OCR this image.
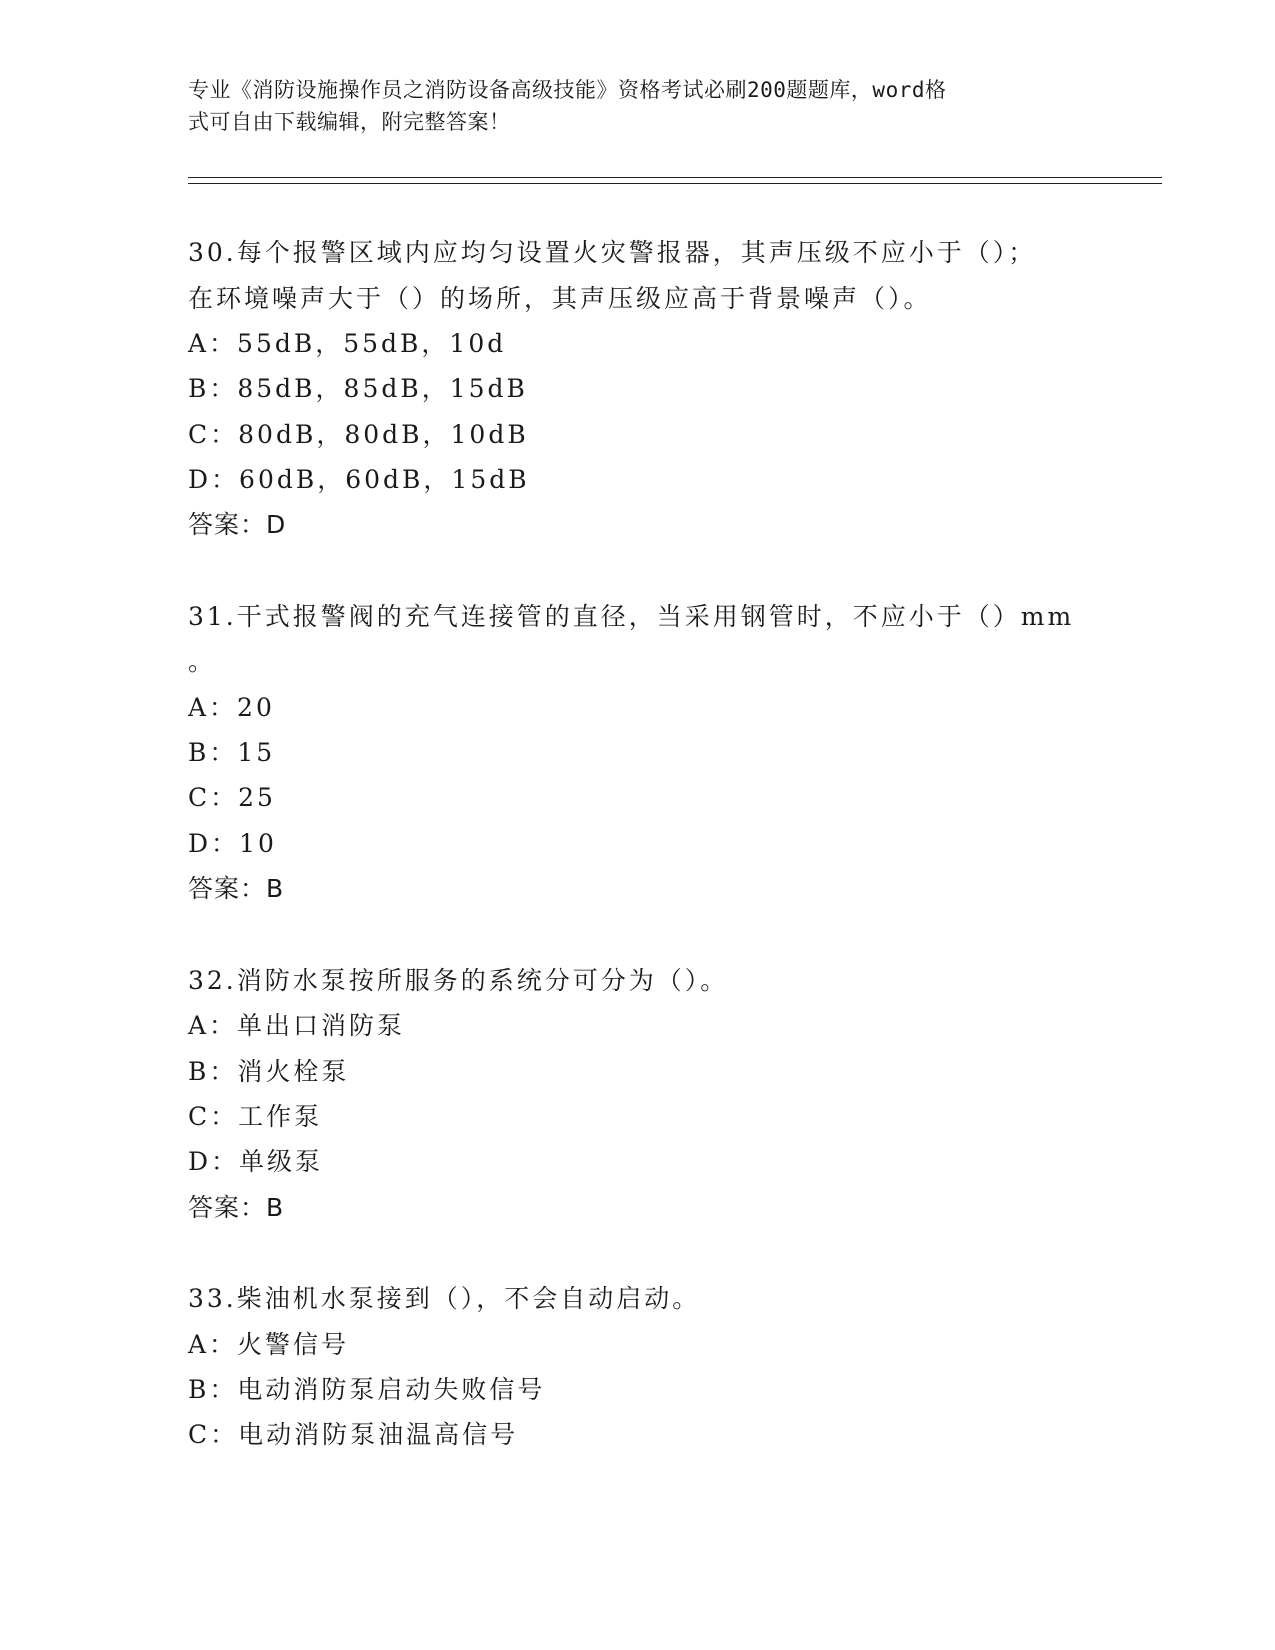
专业《消防设施操作员之消防设备高级技能》资格考试必刷200题题库，word格
式可自由下载编辑，附完整答案！
30.每个报警区域内应均匀设置火灾警报器，其声压级不应小于（）；
在环境噪声大于（）的场所，其声压级应高于背景噪声（）。
A：55dB，55dB，10d
B：85dB，85dB，15dB
C：80dB，80dB，10dB
D：60dB，60dB，15dB
答案：D
31.干式报警阀的充气连接管的直径，当采用钢管时，不应小于（）mm
。
A：20
B：15
C：25
D：10
答案：B
32.消防水泵按所服务的系统分可分为（）。
A：单出口消防泵
B：消火栓泵
C：工作泵
D：单级泵
答案：B
33.柴油机水泵接到（），不会自动启动。
A：火警信号
B：电动消防泵启动失败信号
C：电动消防泵油温高信号
